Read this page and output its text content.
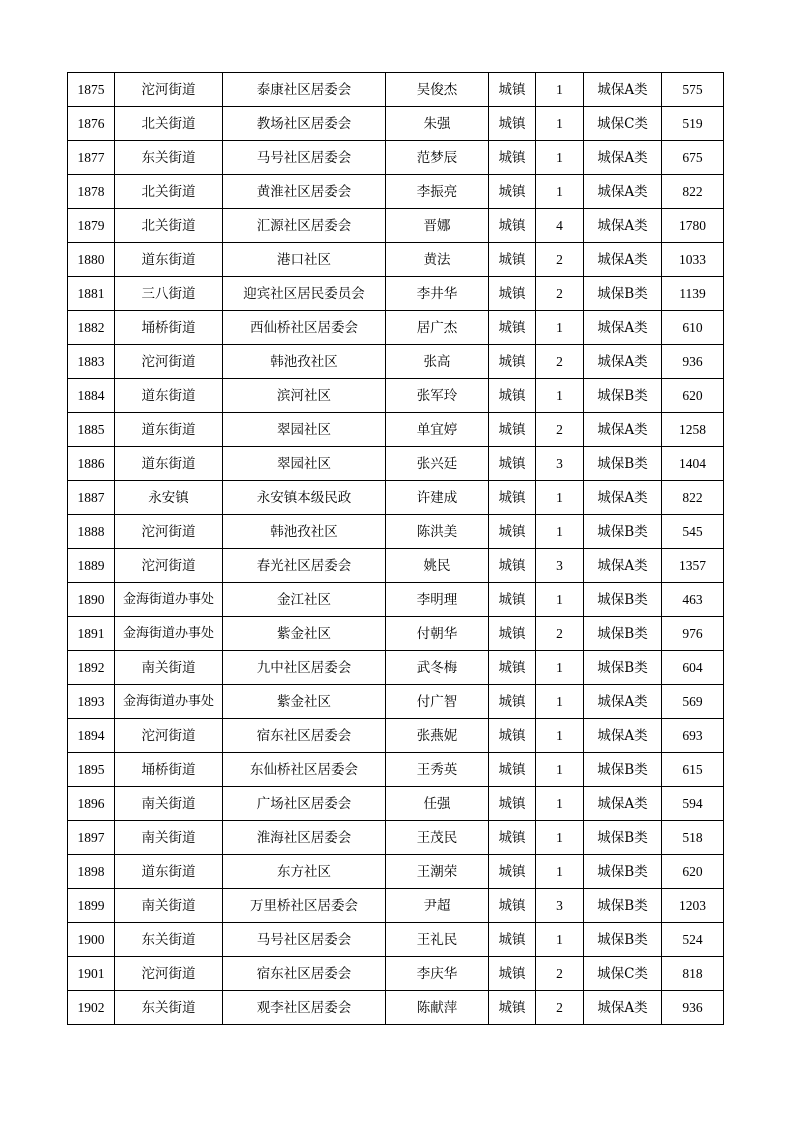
1875	沱河街道	泰康社区居委会	吴俊杰	城镇	1	城保A类	575
1876	北关街道	教场社区居委会	朱强	城镇	1	城保C类	519
1877	东关街道	马号社区居委会	范梦辰	城镇	1	城保A类	675
1878	北关街道	黄淮社区居委会	李振亮	城镇	1	城保A类	822
1879	北关街道	汇源社区居委会	晋娜	城镇	4	城保A类	1780
1880	道东街道	港口社区	黄法	城镇	2	城保A类	1033
1881	三八街道	迎宾社区居民委员会	李井华	城镇	2	城保B类	1139
1882	埇桥街道	西仙桥社区居委会	居广杰	城镇	1	城保A类	610
1883	沱河街道	韩池孜社区	张高	城镇	2	城保A类	936
1884	道东街道	滨河社区	张军玲	城镇	1	城保B类	620
1885	道东街道	翠园社区	单宜婷	城镇	2	城保A类	1258
1886	道东街道	翠园社区	张兴廷	城镇	3	城保B类	1404
1887	永安镇	永安镇本级民政	许建成	城镇	1	城保A类	822
1888	沱河街道	韩池孜社区	陈洪美	城镇	1	城保B类	545
1889	沱河街道	春光社区居委会	姚民	城镇	3	城保A类	1357
1890	金海街道办事处	金江社区	李明理	城镇	1	城保B类	463
1891	金海街道办事处	紫金社区	付朝华	城镇	2	城保B类	976
1892	南关街道	九中社区居委会	武冬梅	城镇	1	城保B类	604
1893	金海街道办事处	紫金社区	付广智	城镇	1	城保A类	569
1894	沱河街道	宿东社区居委会	张燕妮	城镇	1	城保A类	693
1895	埇桥街道	东仙桥社区居委会	王秀英	城镇	1	城保B类	615
1896	南关街道	广场社区居委会	任强	城镇	1	城保A类	594
1897	南关街道	淮海社区居委会	王茂民	城镇	1	城保B类	518
1898	道东街道	东方社区	王潮荣	城镇	1	城保B类	620
1899	南关街道	万里桥社区居委会	尹超	城镇	3	城保B类	1203
1900	东关街道	马号社区居委会	王礼民	城镇	1	城保B类	524
1901	沱河街道	宿东社区居委会	李庆华	城镇	2	城保C类	818
1902	东关街道	观李社区居委会	陈献萍	城镇	2	城保A类	936
